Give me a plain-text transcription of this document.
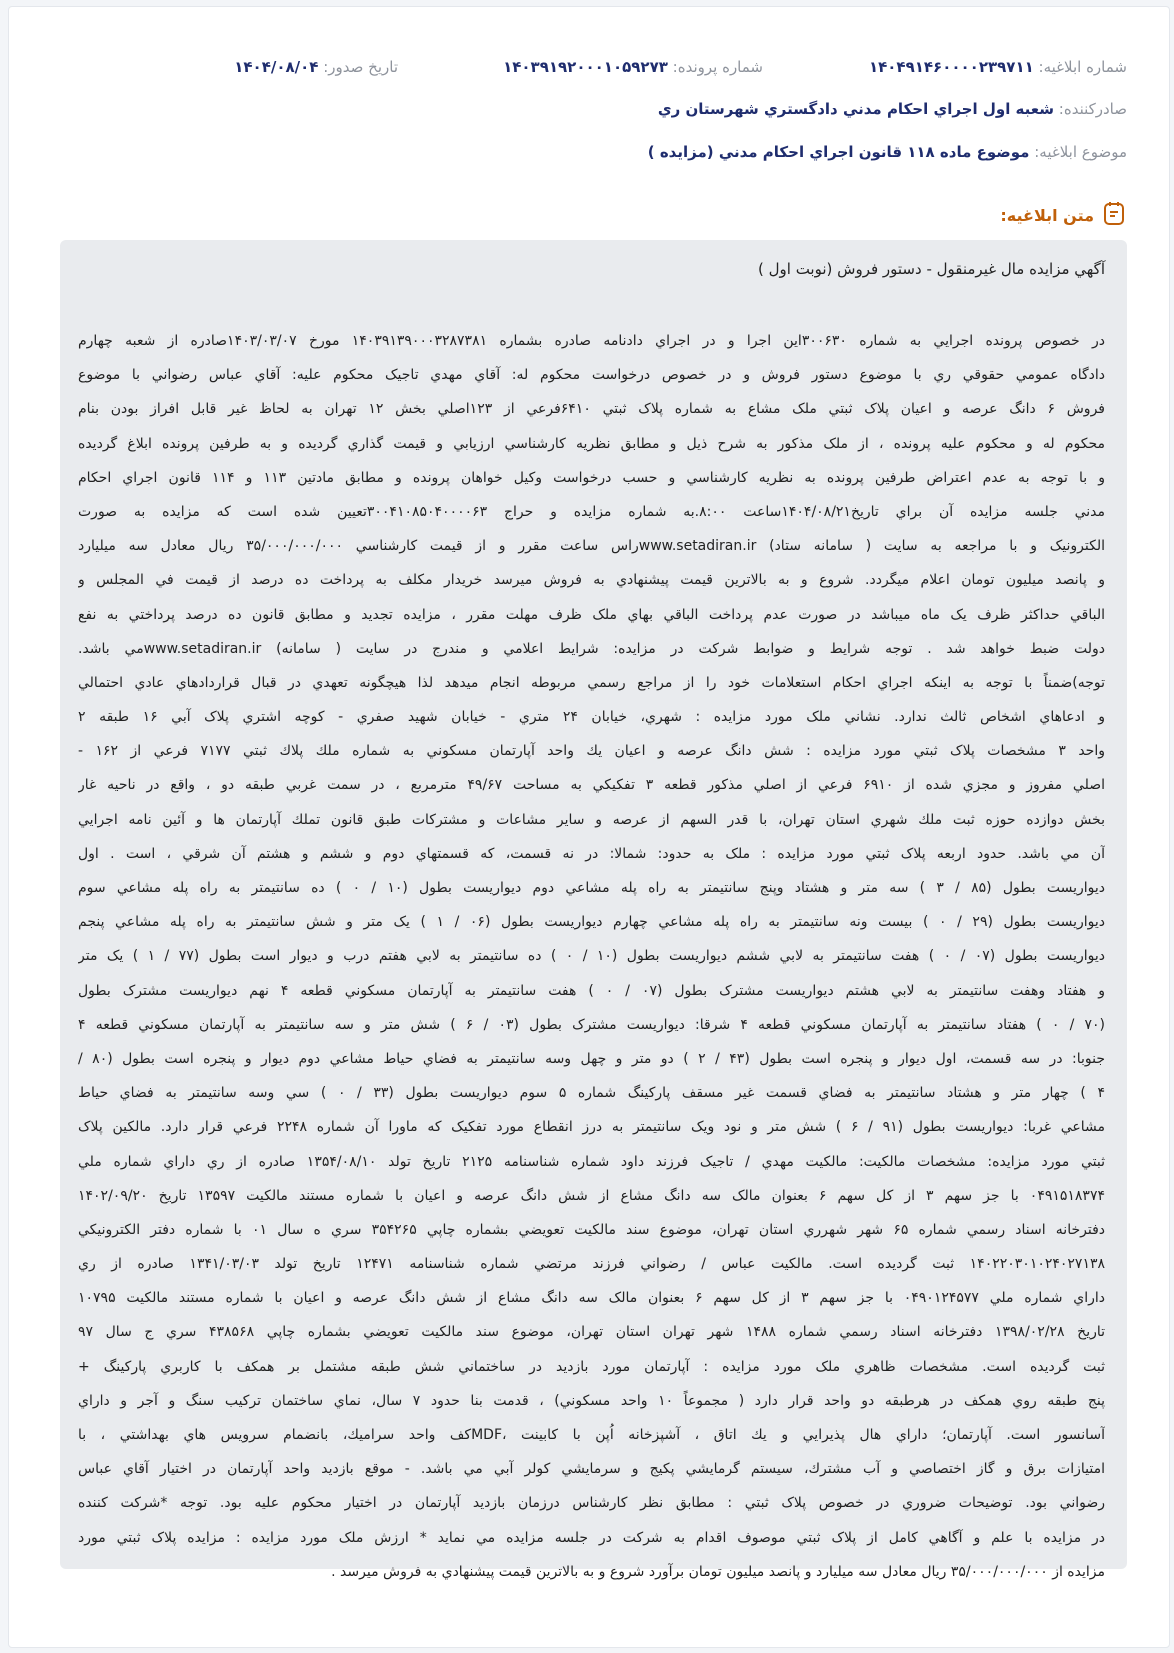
شماره ابلاغیه: ۱۴۰۴۹۱۴۶۰۰۰۰۲۳۹۷۱۱
شماره پرونده: ۱۴۰۳۹۱۹۲۰۰۰۱۰۵۹۲۷۳
تاریخ صدور: ۱۴۰۴/۰۸/۰۴
صادرکننده: شعبه اول اجراي احكام مدني دادگستري شهرستان ري
موضوع ابلاغیه: موضوع ماده ۱۱۸ قانون اجراي احكام مدني (مزايده )
متن ابلاغیه:
آگهي مزايده مال غيرمنقول - دستور فروش (نوبت اول )
در خصوص پرونده اجرايي به شماره ۳۰۰۶۳۰اين اجرا و در اجراي دادنامه صادره بشماره ۱۴۰۳۹۱۳۹۰۰۰۳۲۸۷۳۸۱ مورخ ۱۴۰۳/۰۳/۰۷صادره از شعبه چهارم
دادگاه عمومي حقوقي ري با موضوع دستور فروش و در خصوص درخواست محکوم له: آقاي مهدي تاجيک محکوم عليه: آقاي عباس رضواني با موضوع
فروش ۶ دانگ عرصه و اعيان پلاک ثبتي ملک مشاع به شماره پلاک ثبتي ۶۴۱۰فرعي از ۱۲۳اصلي بخش ۱۲ تهران به لحاظ غير قابل افراز بودن بنام
محکوم له و محکوم عليه پرونده ، از ملک مذکور به شرح ذيل و مطابق نظريه کارشناسي ارزيابي و قيمت گذاري گرديده و به طرفين پرونده ابلاغ گرديده
و با توجه به عدم اعتراض طرفين پرونده به نظريه کارشناسي و حسب درخواست وکيل خواهان پرونده و مطابق مادتين ۱۱۳ و ۱۱۴ قانون اجراي احکام
مدني جلسه مزايده آن براي تاريخ۱۴۰۴/۰۸/۲۱ساعت ۸:۰۰.به شماره مزايده و حراج ۳۰۰۴۱۰۸۵۰۴۰۰۰۰۶۳تعيين شده است که مزايده به صورت
الکترونيک و با مراجعه به سايت ( سامانه ستاد) www.setadiran.irراس ساعت مقرر و از قيمت کارشناسي ۳۵/۰۰۰/۰۰۰/۰۰۰ ريال معادل سه ميليارد
و پانصد ميليون تومان اعلام ميگردد. شروع و به بالاترين قيمت پيشنهادي به فروش ميرسد خريدار مکلف به پرداخت ده درصد از قيمت في المجلس و
الباقي حداکثر ظرف يک ماه ميباشد در صورت عدم پرداخت الباقي بهاي ملک ظرف مهلت مقرر ، مزايده تجديد و مطابق قانون ده درصد پرداختي به نفع
دولت ضبط خواهد شد . توجه شرايط و ضوابط شرکت در مزايده: شرايط اعلامي و مندرج در سايت ( سامانه) www.setadiran.irمي باشد.
توجه)ضمناً با توجه به اينکه اجراي احکام استعلامات خود را از مراجع رسمي مربوطه انجام ميدهد لذا هيچگونه تعهدي در قبال قراردادهاي عادي احتمالي
و ادعاهاي اشخاص ثالث ندارد. نشاني ملک مورد مزايده : شهري، خيابان ۲۴ متري - خيابان شهيد صفري - کوچه اشتري پلاک آبي ۱۶ طبقه ۲
واحد ۳ مشخصات پلاک ثبتي مورد مزايده : شش دانگ عرصه و اعيان يك واحد آپارتمان مسکوني به شماره ملك پلاك ثبتي ۷۱۷۷ فرعي از ۱۶۲ -
اصلي مفروز و مجزي شده از ۶۹۱۰ فرعي از اصلي مذکور قطعه ۳ تفکيکي به مساحت ۴۹/۶۷ مترمربع ، در سمت غربي طبقه دو ، واقع در ناحيه غار
بخش دوازده حوزه ثبت ملك شهري استان تهران، با قدر السهم از عرصه و ساير مشاعات و مشترکات طبق قانون تملك آپارتمان ها و آئين نامه اجرايي
آن مي باشد. حدود اربعه پلاک ثبتي مورد مزايده : ملک به حدود: شمالا: در نه قسمت، که قسمتهاي دوم و ششم و هشتم آن شرقي ، است . اول
ديواريست بطول (۸۵ / ۳ ) سه متر و هشتاد وپنج سانتيمتر به راه پله مشاعي دوم ديواريست بطول (۱۰ / ۰ ) ده سانتيمتر به راه پله مشاعي سوم
ديواريست بطول (۲۹ / ۰ ) بيست ونه سانتيمتر به راه پله مشاعي چهارم ديواريست بطول (۰۶ / ۱ ) يک متر و شش سانتيمتر به راه پله مشاعي پنجم
ديواريست بطول (۰۷ / ۰ ) هفت سانتيمتر به لابي ششم ديواريست بطول (۱۰ / ۰ ) ده سانتيمتر به لابي هفتم درب و ديوار است بطول (۷۷ / ۱ ) يک متر
و هفتاد وهفت سانتيمتر به لابي هشتم ديواريست مشترک بطول (۰۷ / ۰ ) هفت سانتيمتر به آپارتمان مسکوني قطعه ۴ نهم ديواريست مشترک بطول
(۷۰ / ۰ ) هفتاد سانتيمتر به آپارتمان مسکوني قطعه ۴ شرقا: ديواريست مشترک بطول (۰۳ / ۶ ) شش متر و سه سانتيمتر به آپارتمان مسکوني قطعه ۴
جنوبا: در سه قسمت، اول ديوار و پنجره است بطول (۴۳ / ۲ ) دو متر و چهل وسه سانتيمتر به فضاي حياط مشاعي دوم ديوار و پنجره است بطول (۸۰ /
۴ ) چهار متر و هشتاد سانتيمتر به فضاي قسمت غير مسقف پارکينگ شماره ۵ سوم ديواريست بطول (۳۳ / ۰ ) سي وسه سانتيمتر به فضاي حياط
مشاعي غربا: ديواريست بطول (۹۱ / ۶ ) شش متر و نود ويک سانتيمتر به درز انقطاع مورد تفکيک که ماورا آن شماره ۲۲۴۸ فرعي قرار دارد. مالکين پلاک
ثبتي مورد مزايده: مشخصات مالکيت: مالکيت مهدي / تاجيک فرزند داود شماره شناسنامه ۲۱۲۵ تاريخ تولد ۱۳۵۴/۰۸/۱۰ صادره از ري داراي شماره ملي
۰۴۹۱۵۱۸۳۷۴ با جز سهم ۳ از کل سهم ۶ بعنوان مالک سه دانگ مشاع از شش دانگ عرصه و اعيان با شماره مستند مالکيت ۱۳۵۹۷ تاريخ ۱۴۰۲/۰۹/۲۰
دفترخانه اسناد رسمي شماره ۶۵ شهر شهرري استان تهران، موضوع سند مالکيت تعويضي بشماره چاپي ۳۵۴۲۶۵ سري ه سال ۰۱ با شماره دفتر الکترونيکي
۱۴۰۲۲۰۳۰۱۰۲۴۰۲۷۱۳۸ ثبت گرديده است. مالکيت عباس / رضواني فرزند مرتضي شماره شناسنامه ۱۲۴۷۱ تاريخ تولد ۱۳۴۱/۰۳/۰۳ صادره از ري
داراي شماره ملي ۰۴۹۰۱۲۴۵۷۷ با جز سهم ۳ از کل سهم ۶ بعنوان مالک سه دانگ مشاع از شش دانگ عرصه و اعيان با شماره مستند مالکيت ۱۰۷۹۵
تاريخ ۱۳۹۸/۰۲/۲۸ دفترخانه اسناد رسمي شماره ۱۴۸۸ شهر تهران استان تهران، موضوع سند مالکيت تعويضي بشماره چاپي ۴۳۸۵۶۸ سري ج سال ۹۷
ثبت گرديده است. مشخصات ظاهري ملک مورد مزايده : آپارتمان مورد بازديد در ساختماني شش طبقه مشتمل بر همكف با كاربري پاركينگ +
پنج طبقه روي همكف در هرطبقه دو واحد قرار دارد ( مجموعاً ۱۰ واحد مسكوني) ، قدمت بنا حدود ۷ سال، نماي ساختمان تركيب سنگ و آجر و داراي
آسانسور است. آپارتمان؛ داراي هال پذيرايي و يك اتاق ، آشپزخانه اُپن با كابينت ،MDFكف واحد سراميك، بانضمام سرويس هاي بهداشتي ، با
امتيازات برق و گاز اختصاصي و آب مشترك، سيستم گرمايشي پكيج و سرمايشي كولر آبي مي باشد. - موقع بازديد واحد آپارتمان در اختيار آقاي عباس
رضواني بود. توضيحات ضروري در خصوص پلاک ثبتي : مطابق نظر کارشناس درزمان بازديد آپارتمان در اختيار محکوم عليه بود. توجه *شرکت کننده
در مزايده با علم و آگاهي کامل از پلاک ثبتي موصوف اقدام به شرکت در جلسه مزايده مي نمايد * ارزش ملک مورد مزايده : مزايده پلاک ثبتي مورد
مزايده از ۳۵/۰۰۰/۰۰۰/۰۰۰ ريال معادل سه ميليارد و پانصد ميليون تومان برآورد شروع و به بالاترين قيمت پيشنهادي به فروش ميرسد .
